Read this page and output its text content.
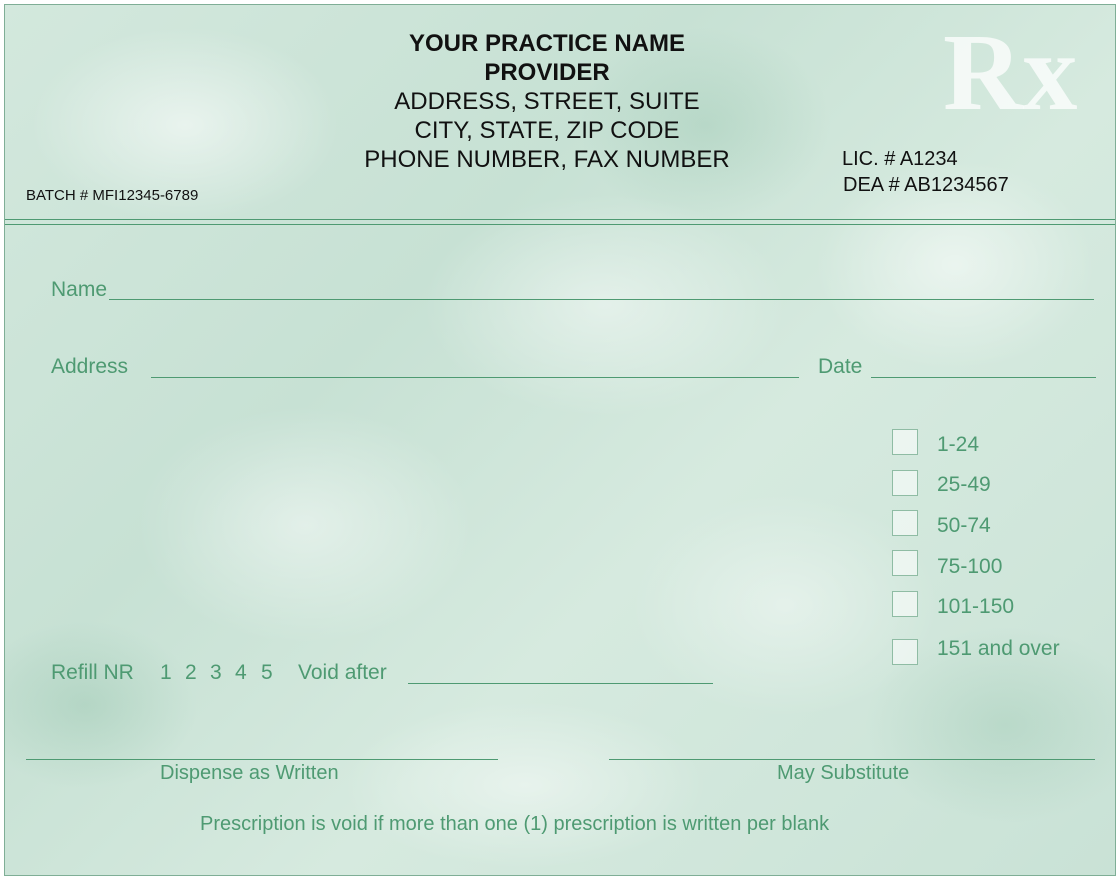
Rx
YOUR PRACTICE NAME
PROVIDER
ADDRESS, STREET, SUITE
CITY, STATE, ZIP CODE
PHONE NUMBER, FAX NUMBER	LIC. # A1234
DEA # AB1234567
BATCH # MFI12345-6789
Name
Address	Date
1-24
25-49
50-74
75-100
101-150
151 and over
Refill NR 1 2 3 4 5 Void after
Dispense as Written	May Substitute
Prescription is void if more than one (1) prescription is written per blank
